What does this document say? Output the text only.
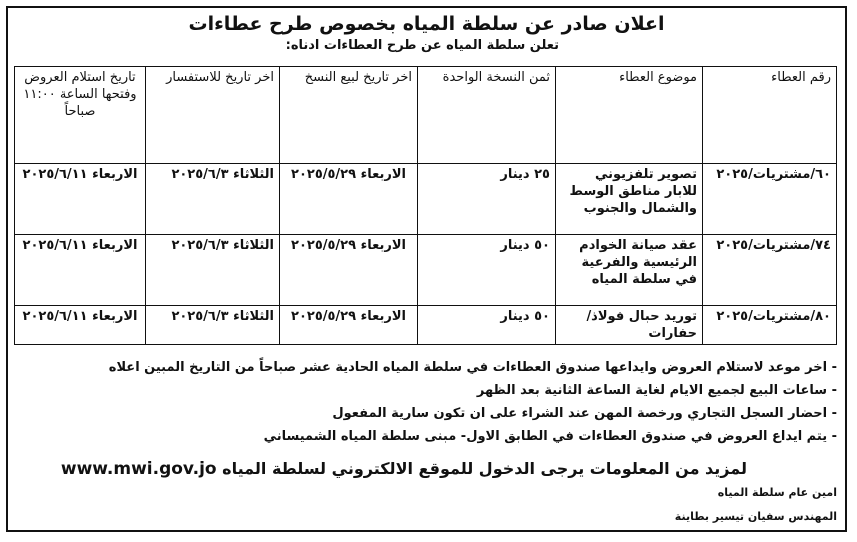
اعلان صادر عن سلطة المياه بخصوص طرح عطاءات
تعلن سلطة المياه عن طرح العطاءات ادناه:
رقم العطاء	موضوع العطاء	ثمن النسخة الواحدة	اخر تاريخ لبيع النسخ	اخر تاريخ للاستفسار	تاريخ استلام العروض وفتحها الساعة ١١:٠٠ صباحاً
٦٠/مشتريات/٢٠٢٥	تصوير تلفزيوني للابار مناطق الوسط والشمال والجنوب	٢٥ دينار	الاربعاء ٢٠٢٥/٥/٢٩	الثلاثاء ٢٠٢٥/٦/٣	الاربعاء ٢٠٢٥/٦/١١
٧٤/مشتريات/٢٠٢٥	عقد صيانة الخوادم الرئيسية والفرعية في سلطة المياه	٥٠ دينار	الاربعاء ٢٠٢٥/٥/٢٩	الثلاثاء ٢٠٢٥/٦/٣	الاربعاء ٢٠٢٥/٦/١١
٨٠/مشتريات/٢٠٢٥	توريد حبال فولاذ/ حفارات	٥٠ دينار	الاربعاء ٢٠٢٥/٥/٢٩	الثلاثاء ٢٠٢٥/٦/٣	الاربعاء ٢٠٢٥/٦/١١
- اخر موعد لاستلام العروض وايداعها صندوق العطاءات في سلطة المياه الحادية عشر صباحاً من التاريخ المبين اعلاه
- ساعات البيع لجميع الايام لغاية الساعة الثانية بعد الظهر
- احضار السجل التجاري ورخصة المهن عند الشراء على ان تكون سارية المفعول
- يتم ايداع العروض في صندوق العطاءات في الطابق الاول- مبنى سلطة المياه الشميساني
لمزيد من المعلومات يرجى الدخول للموقع الالكتروني لسلطة المياه www.mwi.gov.jo
امين عام سلطة المياه
المهندس سفيان تيسير بطاينة
